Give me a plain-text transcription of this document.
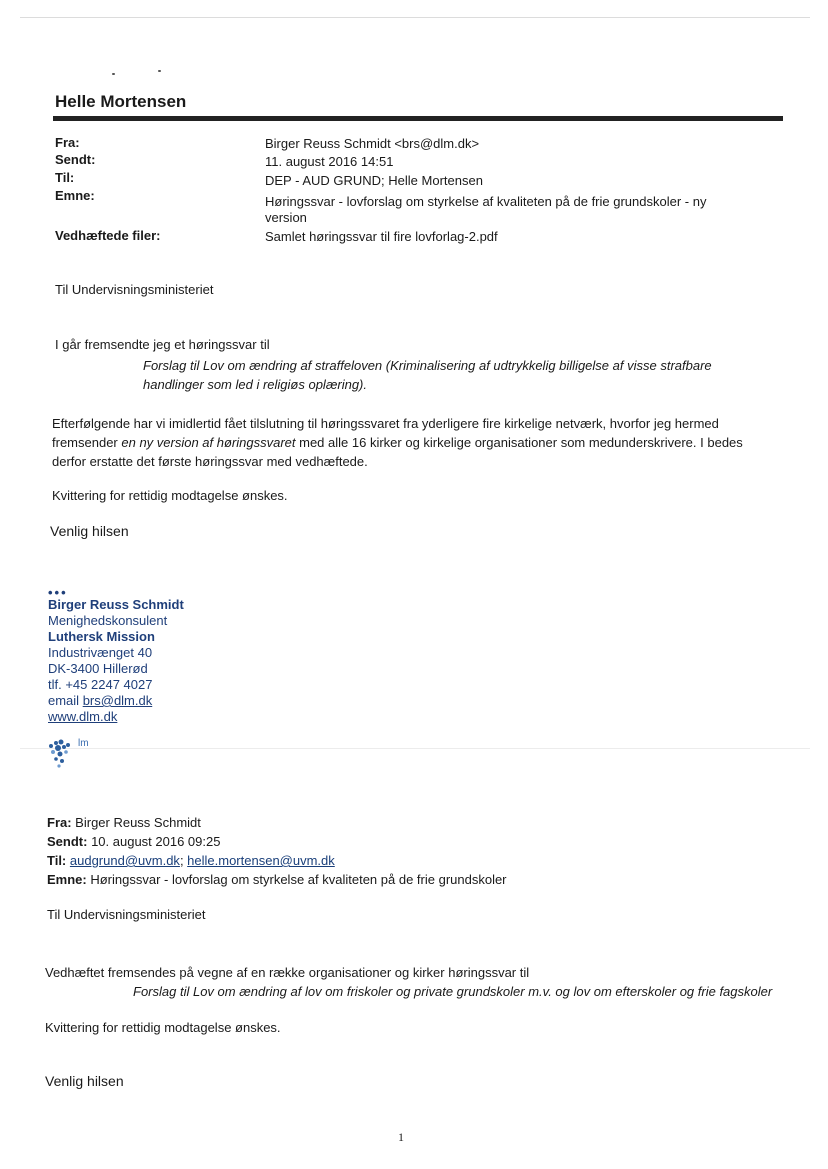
Helle Mortensen
Fra:	Birger Reuss Schmidt <brs@dlm.dk>
Sendt:	11. august 2016 14:51
Til:	DEP - AUD GRUND; Helle Mortensen
Emne:	Høringssvar - lovforslag om styrkelse af kvaliteten på de frie grundskoler - ny version
Vedhæftede filer:	Samlet høringssvar til fire lovforlag-2.pdf
Til Undervisningsministeriet
I går fremsendte jeg et høringssvar til
Forslag til Lov om ændring af straffeloven (Kriminalisering af udtrykkelig billigelse af visse strafbare handlinger som led i religiøs oplæring).
Efterfølgende har vi imidlertid fået tilslutning til høringssvaret fra yderligere fire kirkelige netværk, hvorfor jeg hermed fremsender en ny version af høringssvaret med alle 16 kirker og kirkelige organisationer som medunderskrivere. I bedes derfor erstatte det første høringssvar med vedhæftede.
Kvittering for rettidig modtagelse ønskes.
Venlig hilsen
•••
Birger Reuss Schmidt
Menighedskonsulent
Luthersk Mission
Industrivænget 40
DK-3400 Hillerød
tlf. +45 2247 4027
email brs@dlm.dk
www.dlm.dk
lm
Fra: Birger Reuss Schmidt
Sendt: 10. august 2016 09:25
Til: audgrund@uvm.dk; helle.mortensen@uvm.dk
Emne: Høringssvar - lovforslag om styrkelse af kvaliteten på de frie grundskoler
Til Undervisningsministeriet
Vedhæftet fremsendes på vegne af en række organisationer og kirker høringssvar til
Forslag til Lov om ændring af lov om friskoler og private grundskoler m.v. og lov om efterskoler og frie fagskoler
Kvittering for rettidig modtagelse ønskes.
Venlig hilsen
1
